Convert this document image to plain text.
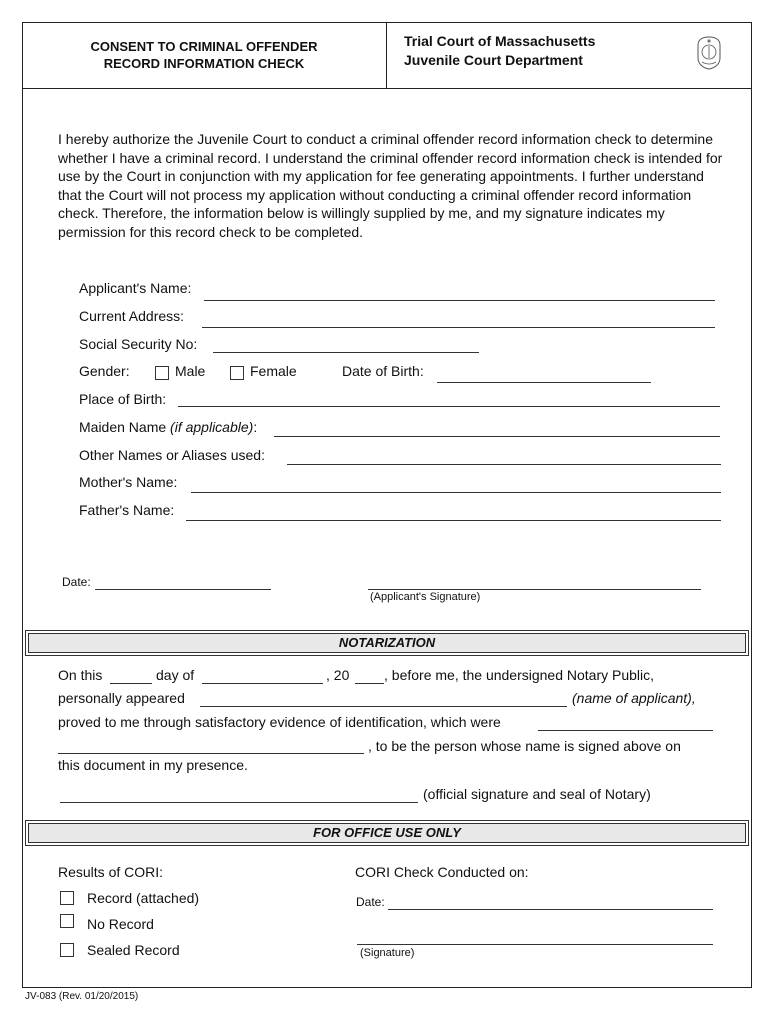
CONSENT TO CRIMINAL OFFENDER
RECORD INFORMATION CHECK
Trial Court of Massachusetts
Juvenile Court Department
I hereby authorize the Juvenile Court to conduct a criminal offender record information check to determine whether I have a criminal record. I understand the criminal offender record information check is intended for use by the Court in conjunction with my application for fee generating appointments. I further understand that the Court will not process my application without conducting a criminal offender record information check. Therefore, the information below is willingly supplied by me, and my signature indicates my permission for this record check to be completed.
Applicant's Name:
Current Address:
Social Security No:
Gender:	Male	Female	Date of Birth:
Place of Birth:
Maiden Name (if applicable):
Other Names or Aliases used:
Mother's Name:
Father's Name:
Date:
(Applicant's Signature)
NOTARIZATION
On this	day of	, 20 , before me, the undersigned Notary Public,
personally appeared	(name of applicant),
proved to me through satisfactory evidence of identification, which were
, to be the person whose name is signed above on
this document in my presence.
(official signature and seal of Notary)
FOR OFFICE USE ONLY
Results of CORI:
Record (attached)
No Record
Sealed Record
CORI Check Conducted on:
Date:
(Signature)
JV-083 (Rev. 01/20/2015)
